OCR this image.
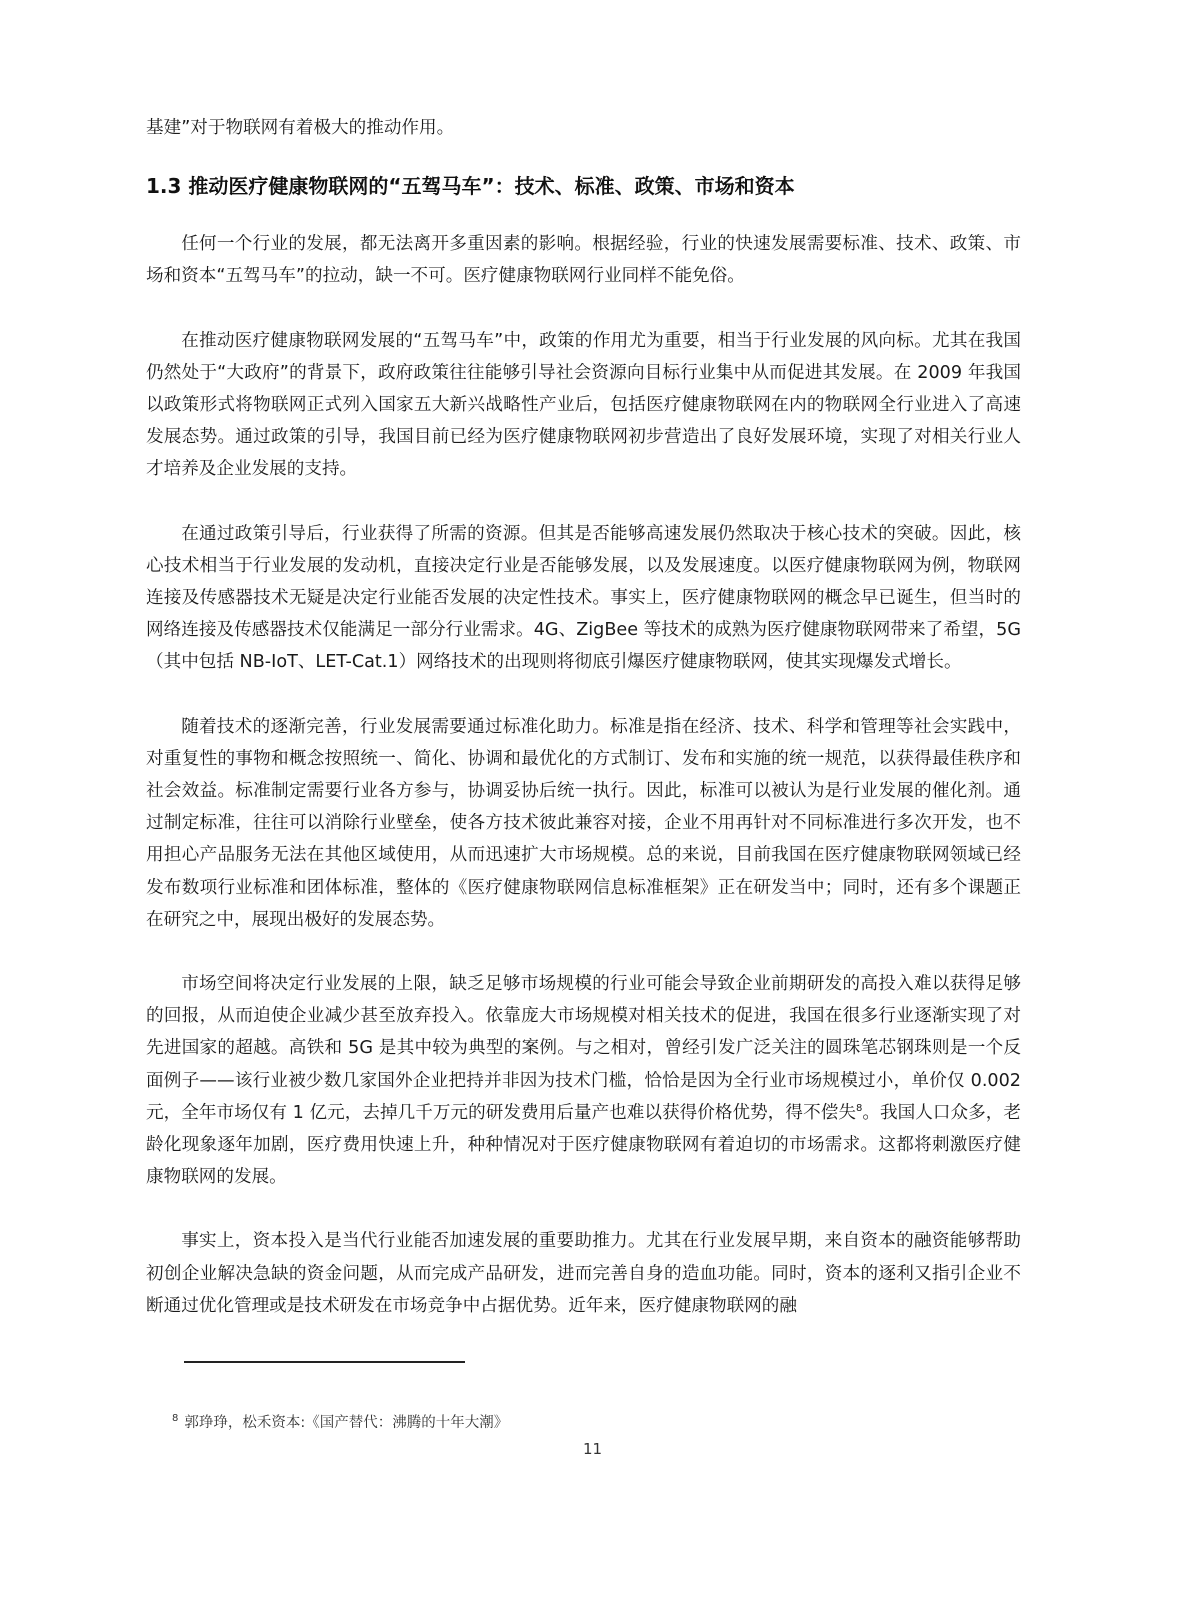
基建”对于物联网有着极大的推动作用。

1.3 推动医疗健康物联网的“五驾马车”：技术、标准、政策、市场和资本

任何一个行业的发展，都无法离开多重因素的影响。根据经验，行业的快速发展需要标准、技术、政策、市场和资本“五驾马车”的拉动，缺一不可。医疗健康物联网行业同样不能免俗。

在推动医疗健康物联网发展的“五驾马车”中，政策的作用尤为重要，相当于行业发展的风向标。尤其在我国仍然处于“大政府”的背景下，政府政策往往能够引导社会资源向目标行业集中从而促进其发展。在 2009 年我国以政策形式将物联网正式列入国家五大新兴战略性产业后，包括医疗健康物联网在内的物联网全行业进入了高速发展态势。通过政策的引导，我国目前已经为医疗健康物联网初步营造出了良好发展环境，实现了对相关行业人才培养及企业发展的支持。

在通过政策引导后，行业获得了所需的资源。但其是否能够高速发展仍然取决于核心技术的突破。因此，核心技术相当于行业发展的发动机，直接决定行业是否能够发展，以及发展速度。以医疗健康物联网为例，物联网连接及传感器技术无疑是决定行业能否发展的决定性技术。事实上，医疗健康物联网的概念早已诞生，但当时的网络连接及传感器技术仅能满足一部分行业需求。4G、ZigBee 等技术的成熟为医疗健康物联网带来了希望，5G（其中包括 NB-IoT、LET-Cat.1）网络技术的出现则将彻底引爆医疗健康物联网，使其实现爆发式增长。

随着技术的逐渐完善，行业发展需要通过标准化助力。标准是指在经济、技术、科学和管理等社会实践中，对重复性的事物和概念按照统一、简化、协调和最优化的方式制订、发布和实施的统一规范，以获得最佳秩序和社会效益。标准制定需要行业各方参与，协调妥协后统一执行。因此，标准可以被认为是行业发展的催化剂。通过制定标准，往往可以消除行业壁垒，使各方技术彼此兼容对接，企业不用再针对不同标准进行多次开发，也不用担心产品服务无法在其他区域使用，从而迅速扩大市场规模。总的来说，目前我国在医疗健康物联网领域已经发布数项行业标准和团体标准，整体的《医疗健康物联网信息标准框架》正在研发当中；同时，还有多个课题正在研究之中，展现出极好的发展态势。

市场空间将决定行业发展的上限，缺乏足够市场规模的行业可能会导致企业前期研发的高投入难以获得足够的回报，从而迫使企业减少甚至放弃投入。依靠庞大市场规模对相关技术的促进，我国在很多行业逐渐实现了对先进国家的超越。高铁和 5G 是其中较为典型的案例。与之相对，曾经引发广泛关注的圆珠笔芯钢珠则是一个反面例子——该行业被少数几家国外企业把持并非因为技术门槛，恰恰是因为全行业市场规模过小，单价仅 0.002 元，全年市场仅有 1 亿元，去掉几千万元的研发费用后量产也难以获得价格优势，得不偿失$^8$。我国人口众多，老龄化现象逐年加剧，医疗费用快速上升，种种情况对于医疗健康物联网有着迫切的市场需求。这都将刺激医疗健康物联网的发展。

事实上，资本投入是当代行业能否加速发展的重要助推力。尤其在行业发展早期，来自资本的融资能够帮助初创企业解决急缺的资金问题，从而完成产品研发，进而完善自身的造血功能。同时，资本的逐利又指引企业不断通过优化管理或是技术研发在市场竞争中占据优势。近年来，医疗健康物联网的融

$^8$ 郭琤琤，松禾资本:《国产替代：沸腾的十年大潮》
11
